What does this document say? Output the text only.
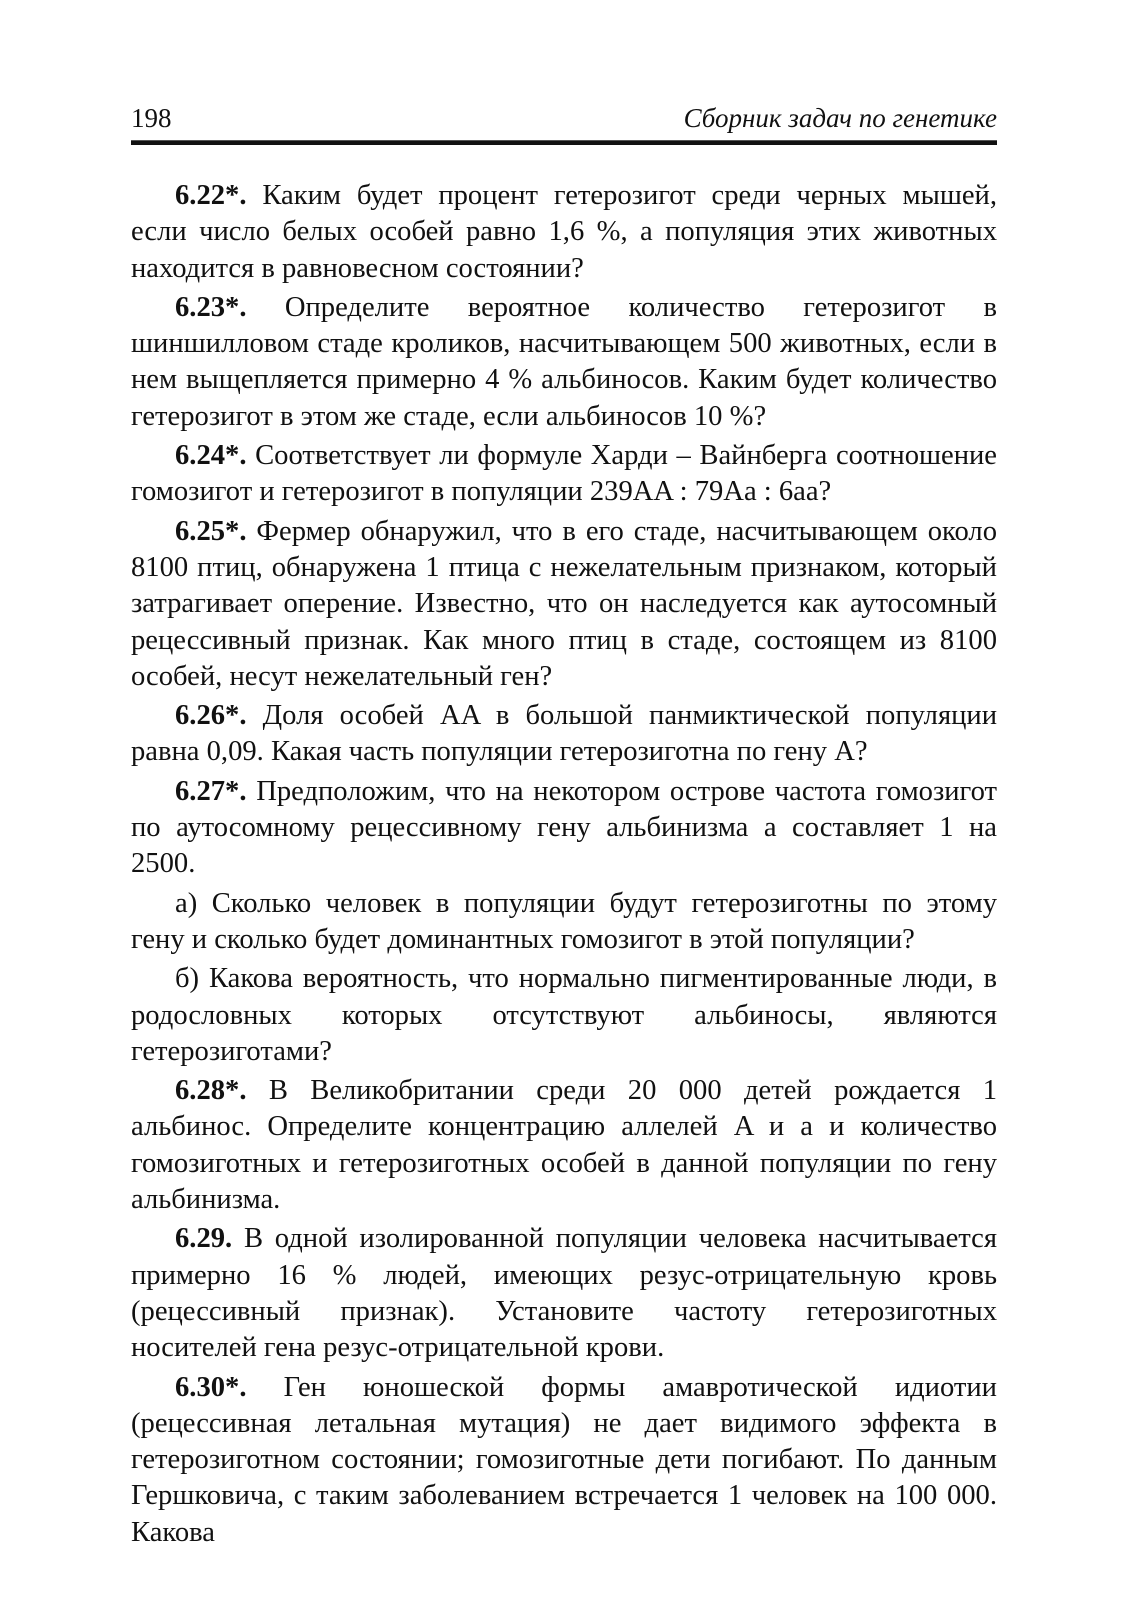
198	Сборник задач по генетике

6.22*. Каким будет процент гетерозигот среди черных мышей, если число белых особей равно 1,6 %, а популяция этих животных находится в равновесном состоянии?

6.23*. Определите вероятное количество гетерозигот в шиншилловом стаде кроликов, насчитывающем 500 животных, если в нем выщепляется примерно 4 % альбиносов. Каким будет количество гетерозигот в этом же стаде, если альбиносов 10 %?

6.24*. Соответствует ли формуле Харди – Вайнберга соотношение гомозигот и гетерозигот в популяции 239AA : 79Aa : 6aa?

6.25*. Фермер обнаружил, что в его стаде, насчитывающем около 8100 птиц, обнаружена 1 птица с нежелательным признаком, который затрагивает оперение. Известно, что он наследуется как аутосомный рецессивный признак. Как много птиц в стаде, состоящем из 8100 особей, несут нежелательный ген?

6.26*. Доля особей AA в большой панмиктической популяции равна 0,09. Какая часть популяции гетерозиготна по гену A?

6.27*. Предположим, что на некотором острове частота гомозигот по аутосомному рецессивному гену альбинизма a составляет 1 на 2500.

а) Сколько человек в популяции будут гетерозиготны по этому гену и сколько будет доминантных гомозигот в этой популяции?

б) Какова вероятность, что нормально пигментированные люди, в родословных которых отсутствуют альбиносы, являются гетерозиготами?

6.28*. В Великобритании среди 20 000 детей рождается 1 альбинос. Определите концентрацию аллелей A и a и количество гомозиготных и гетерозиготных особей в данной популяции по гену альбинизма.

6.29. В одной изолированной популяции человека насчитывается примерно 16 % людей, имеющих резус-отрицательную кровь (рецессивный признак). Установите частоту гетерозиготных носителей гена резус-отрицательной крови.

6.30*. Ген юношеской формы амавротической идиотии (рецессивная летальная мутация) не дает видимого эффекта в гетерозиготном состоянии; гомозиготные дети погибают. По данным Гершковича, с таким заболеванием встречается 1 человек на 100 000. Какова
